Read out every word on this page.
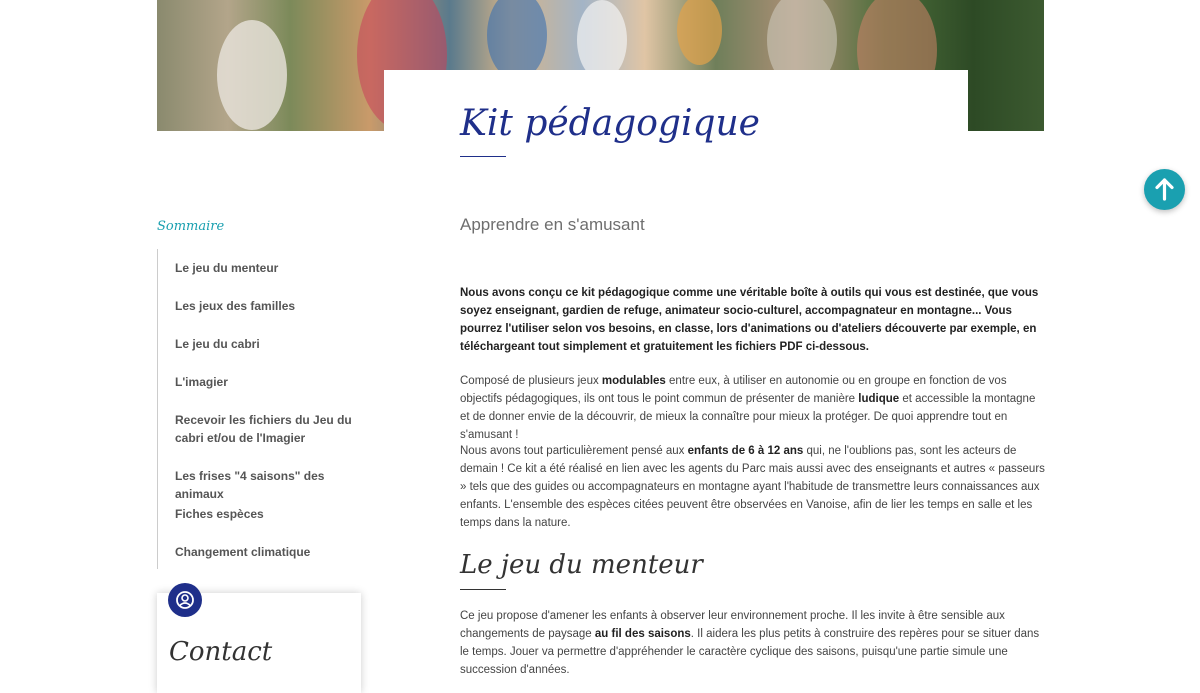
Kit pédagogique
Sommaire
Le jeu du menteur
Les jeux des familles
Le jeu du cabri
L'imagier
Recevoir les fichiers du Jeu du cabri et/ou de l'Imagier
Les frises "4 saisons" des animaux
Fiches espèces
Changement climatique
Contact
Apprendre en s'amusant

Nous avons conçu ce kit pédagogique comme une véritable boîte à outils qui vous est destinée, que vous soyez enseignant, gardien de refuge, animateur socio-culturel, accompagnateur en montagne... Vous pourrez l'utiliser selon vos besoins, en classe, lors d'animations ou d'ateliers découverte par exemple, en téléchargeant tout simplement et gratuitement les fichiers PDF ci-dessous.

Composé de plusieurs jeux modulables entre eux, à utiliser en autonomie ou en groupe en fonction de vos objectifs pédagogiques, ils ont tous le point commun de présenter de manière ludique et accessible la montagne et de donner envie de la découvrir, de mieux la connaître pour mieux la protéger. De quoi apprendre tout en s'amusant !

Nous avons tout particulièrement pensé aux enfants de 6 à 12 ans qui, ne l'oublions pas, sont les acteurs de demain ! Ce kit a été réalisé en lien avec les agents du Parc mais aussi avec des enseignants et autres « passeurs » tels que des guides ou accompagnateurs en montagne ayant l'habitude de transmettre leurs connaissances aux enfants. L'ensemble des espèces citées peuvent être observées en Vanoise, afin de lier les temps en salle et les temps dans la nature.

Le jeu du menteur

Ce jeu propose d'amener les enfants à observer leur environnement proche. Il les invite à être sensible aux changements de paysage au fil des saisons. Il aidera les plus petits à construire des repères pour se situer dans le temps. Jouer va permettre d'appréhender le caractère cyclique des saisons, puisqu'une partie simule une succession d'années.
